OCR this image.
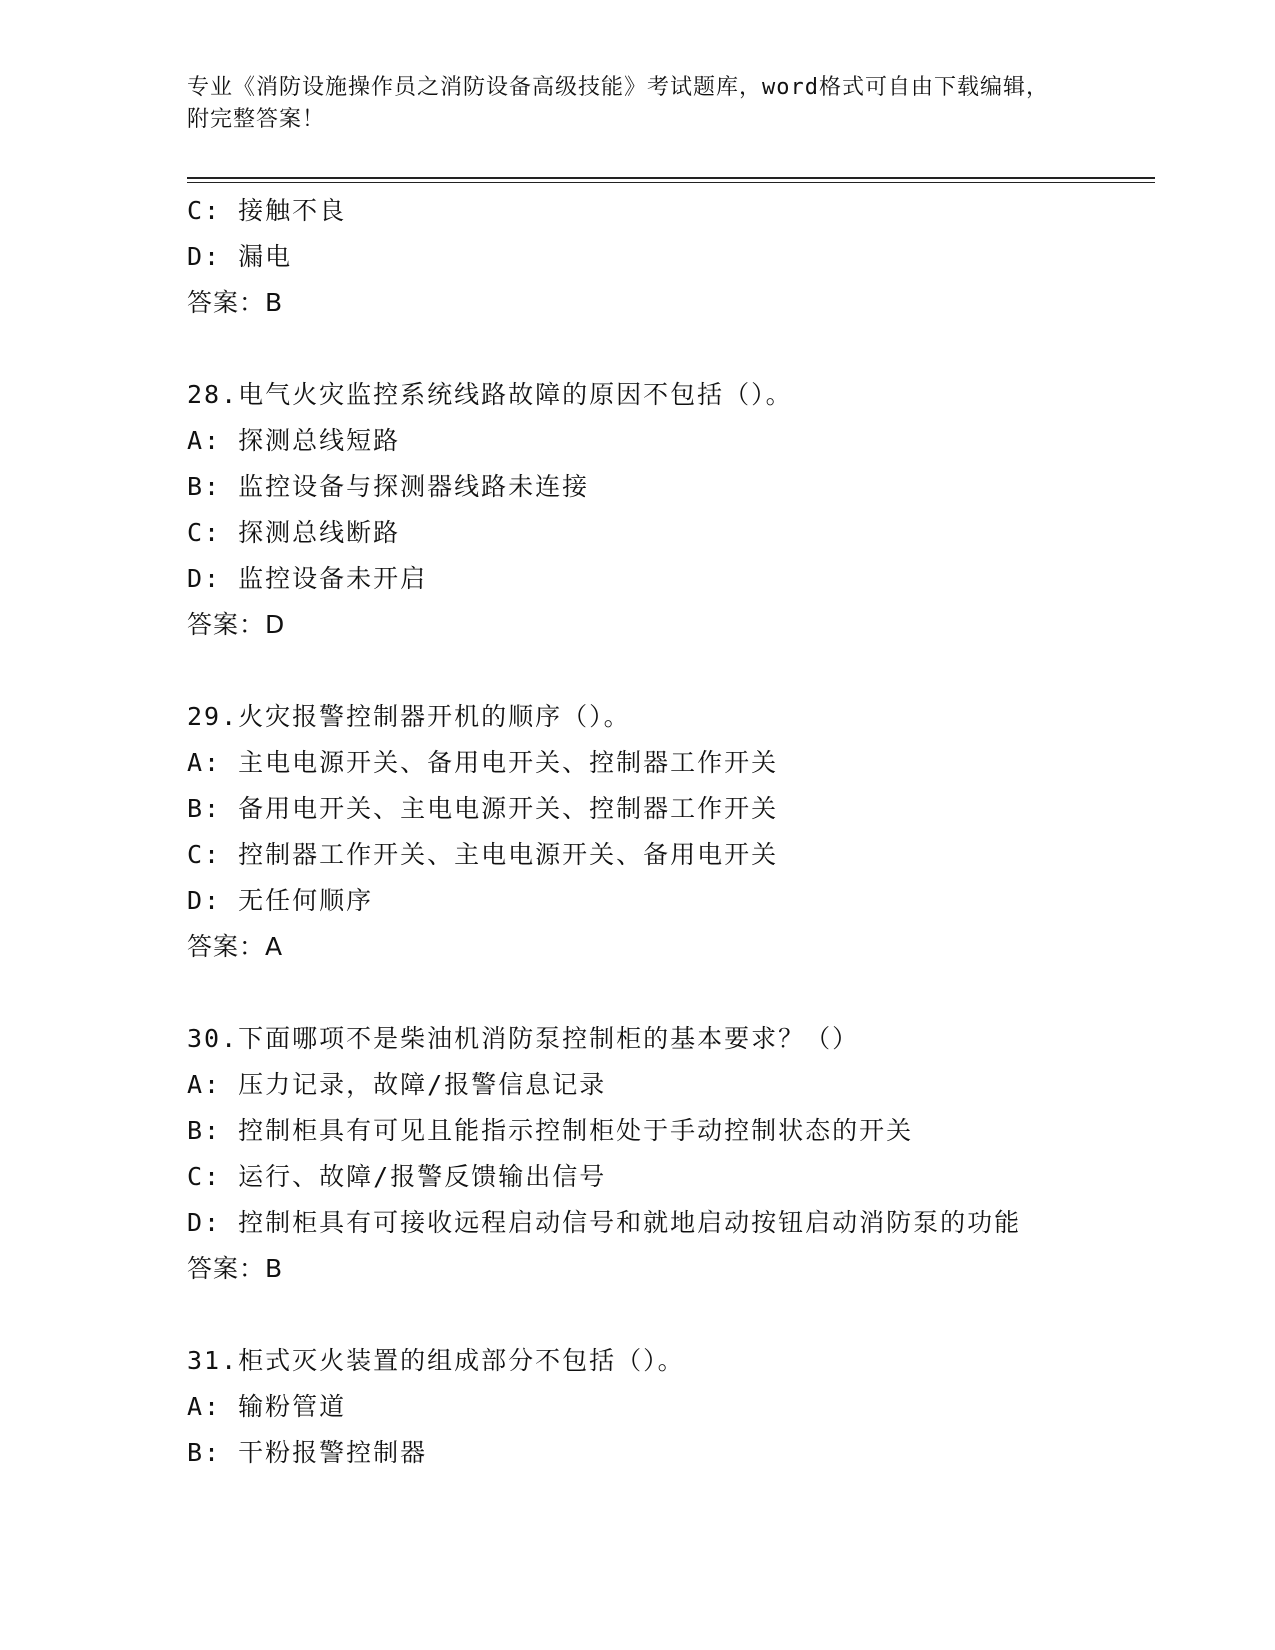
专业《消防设施操作员之消防设备高级技能》考试题库，word格式可自由下载编辑，附完整答案！
C: 接触不良
D: 漏电
答案：B
28.电气火灾监控系统线路故障的原因不包括（）。
A: 探测总线短路
B: 监控设备与探测器线路未连接
C: 探测总线断路
D: 监控设备未开启
答案：D
29.火灾报警控制器开机的顺序（）。
A: 主电电源开关、备用电开关、控制器工作开关
B: 备用电开关、主电电源开关、控制器工作开关
C: 控制器工作开关、主电电源开关、备用电开关
D: 无任何顺序
答案：A
30.下面哪项不是柴油机消防泵控制柜的基本要求？（）
A: 压力记录，故障/报警信息记录
B: 控制柜具有可见且能指示控制柜处于手动控制状态的开关
C: 运行、故障/报警反馈输出信号
D: 控制柜具有可接收远程启动信号和就地启动按钮启动消防泵的功能
答案：B
31.柜式灭火装置的组成部分不包括（）。
A: 输粉管道
B: 干粉报警控制器
